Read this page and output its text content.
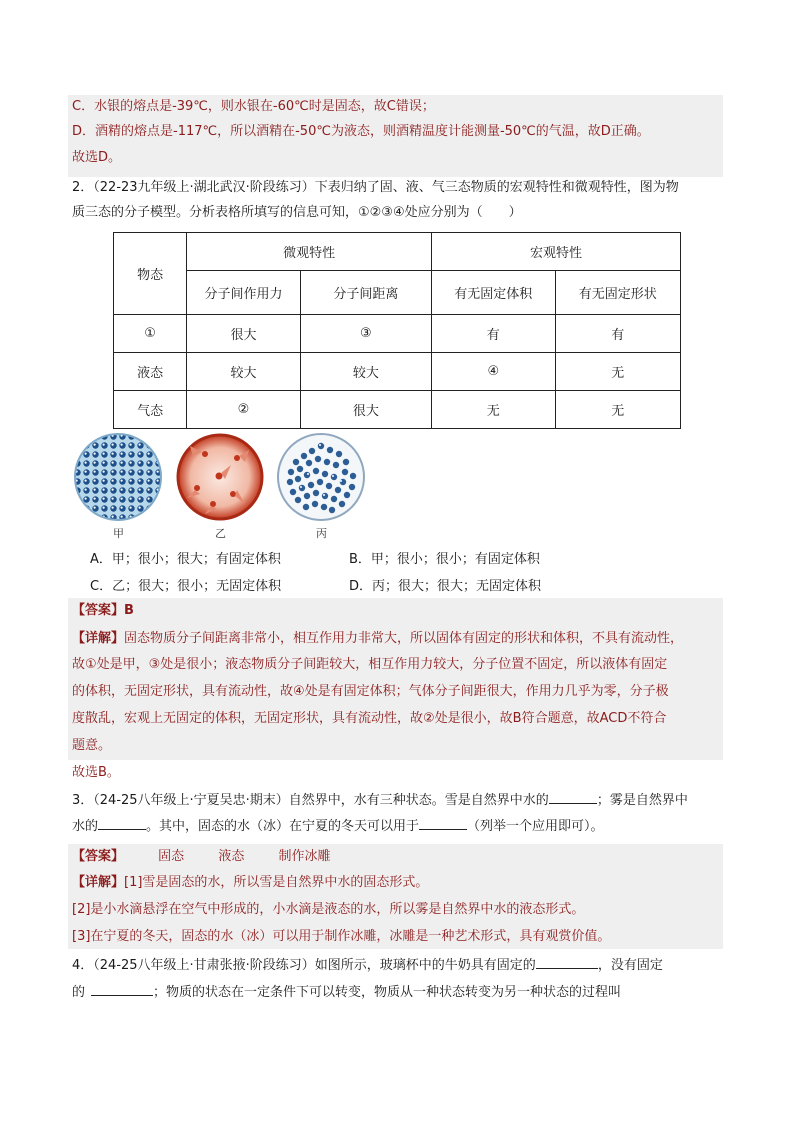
C．水银的熔点是-39℃，则水银在-60℃时是固态，故C错误；
D．酒精的熔点是-117℃，所以酒精在-50℃为液态，则酒精温度计能测量-50℃的气温，故D正确。
故选D。
2．（22-23九年级上·湖北武汉·阶段练习）下表归纳了固、液、气三态物质的宏观特性和微观特性，图为物
质三态的分子模型。分析表格所填写的信息可知，①②③④处应分别为（　　）
物态	微观特性		宏观特性	
	分子间作用力	分子间距离	有无固定体积	有无固定形状
①	很大	③	有	有
液态	较大	较大	④	无
气态	②	很大	无	无
甲	乙	丙
A．甲；很小；很大；有固定体积	B．甲；很小；很小；有固定体积
C．乙；很大；很小；无固定体积	D．丙；很大；很大；无固定体积
【答案】B
【详解】固态物质分子间距离非常小，相互作用力非常大，所以固体有固定的形状和体积，不具有流动性，
故①处是甲，③处是很小；液态物质分子间距较大，相互作用力较大，分子位置不固定，所以液体有固定
的体积，无固定形状，具有流动性，故④处是有固定体积；气体分子间距很大，作用力几乎为零，分子极
度散乱，宏观上无固定的体积，无固定形状，具有流动性，故②处是很小，故B符合题意，故ACD不符合
题意。
故选B。
3．（24-25八年级上·宁夏吴忠·期末）自然界中，水有三种状态。雪是自然界中水的	；雾是自然界中
水的	。其中，固态的水（冰）在宁夏的冬天可以用于	（列举一个应用即可）。
【答案】	固态	液态	制作冰雕
【详解】[1]雪是固态的水，所以雪是自然界中水的固态形式。
[2]是小水滴悬浮在空气中形成的，小水滴是液态的水，所以雾是自然界中水的液态形式。
[3]在宁夏的冬天，固态的水（冰）可以用于制作冰雕，冰雕是一种艺术形式，具有观赏价值。
4．（24-25八年级上·甘肃张掖·阶段练习）如图所示，玻璃杯中的牛奶具有固定的	，没有固定
的	；物质的状态在一定条件下可以转变，物质从一种状态转变为另一种状态的过程叫
